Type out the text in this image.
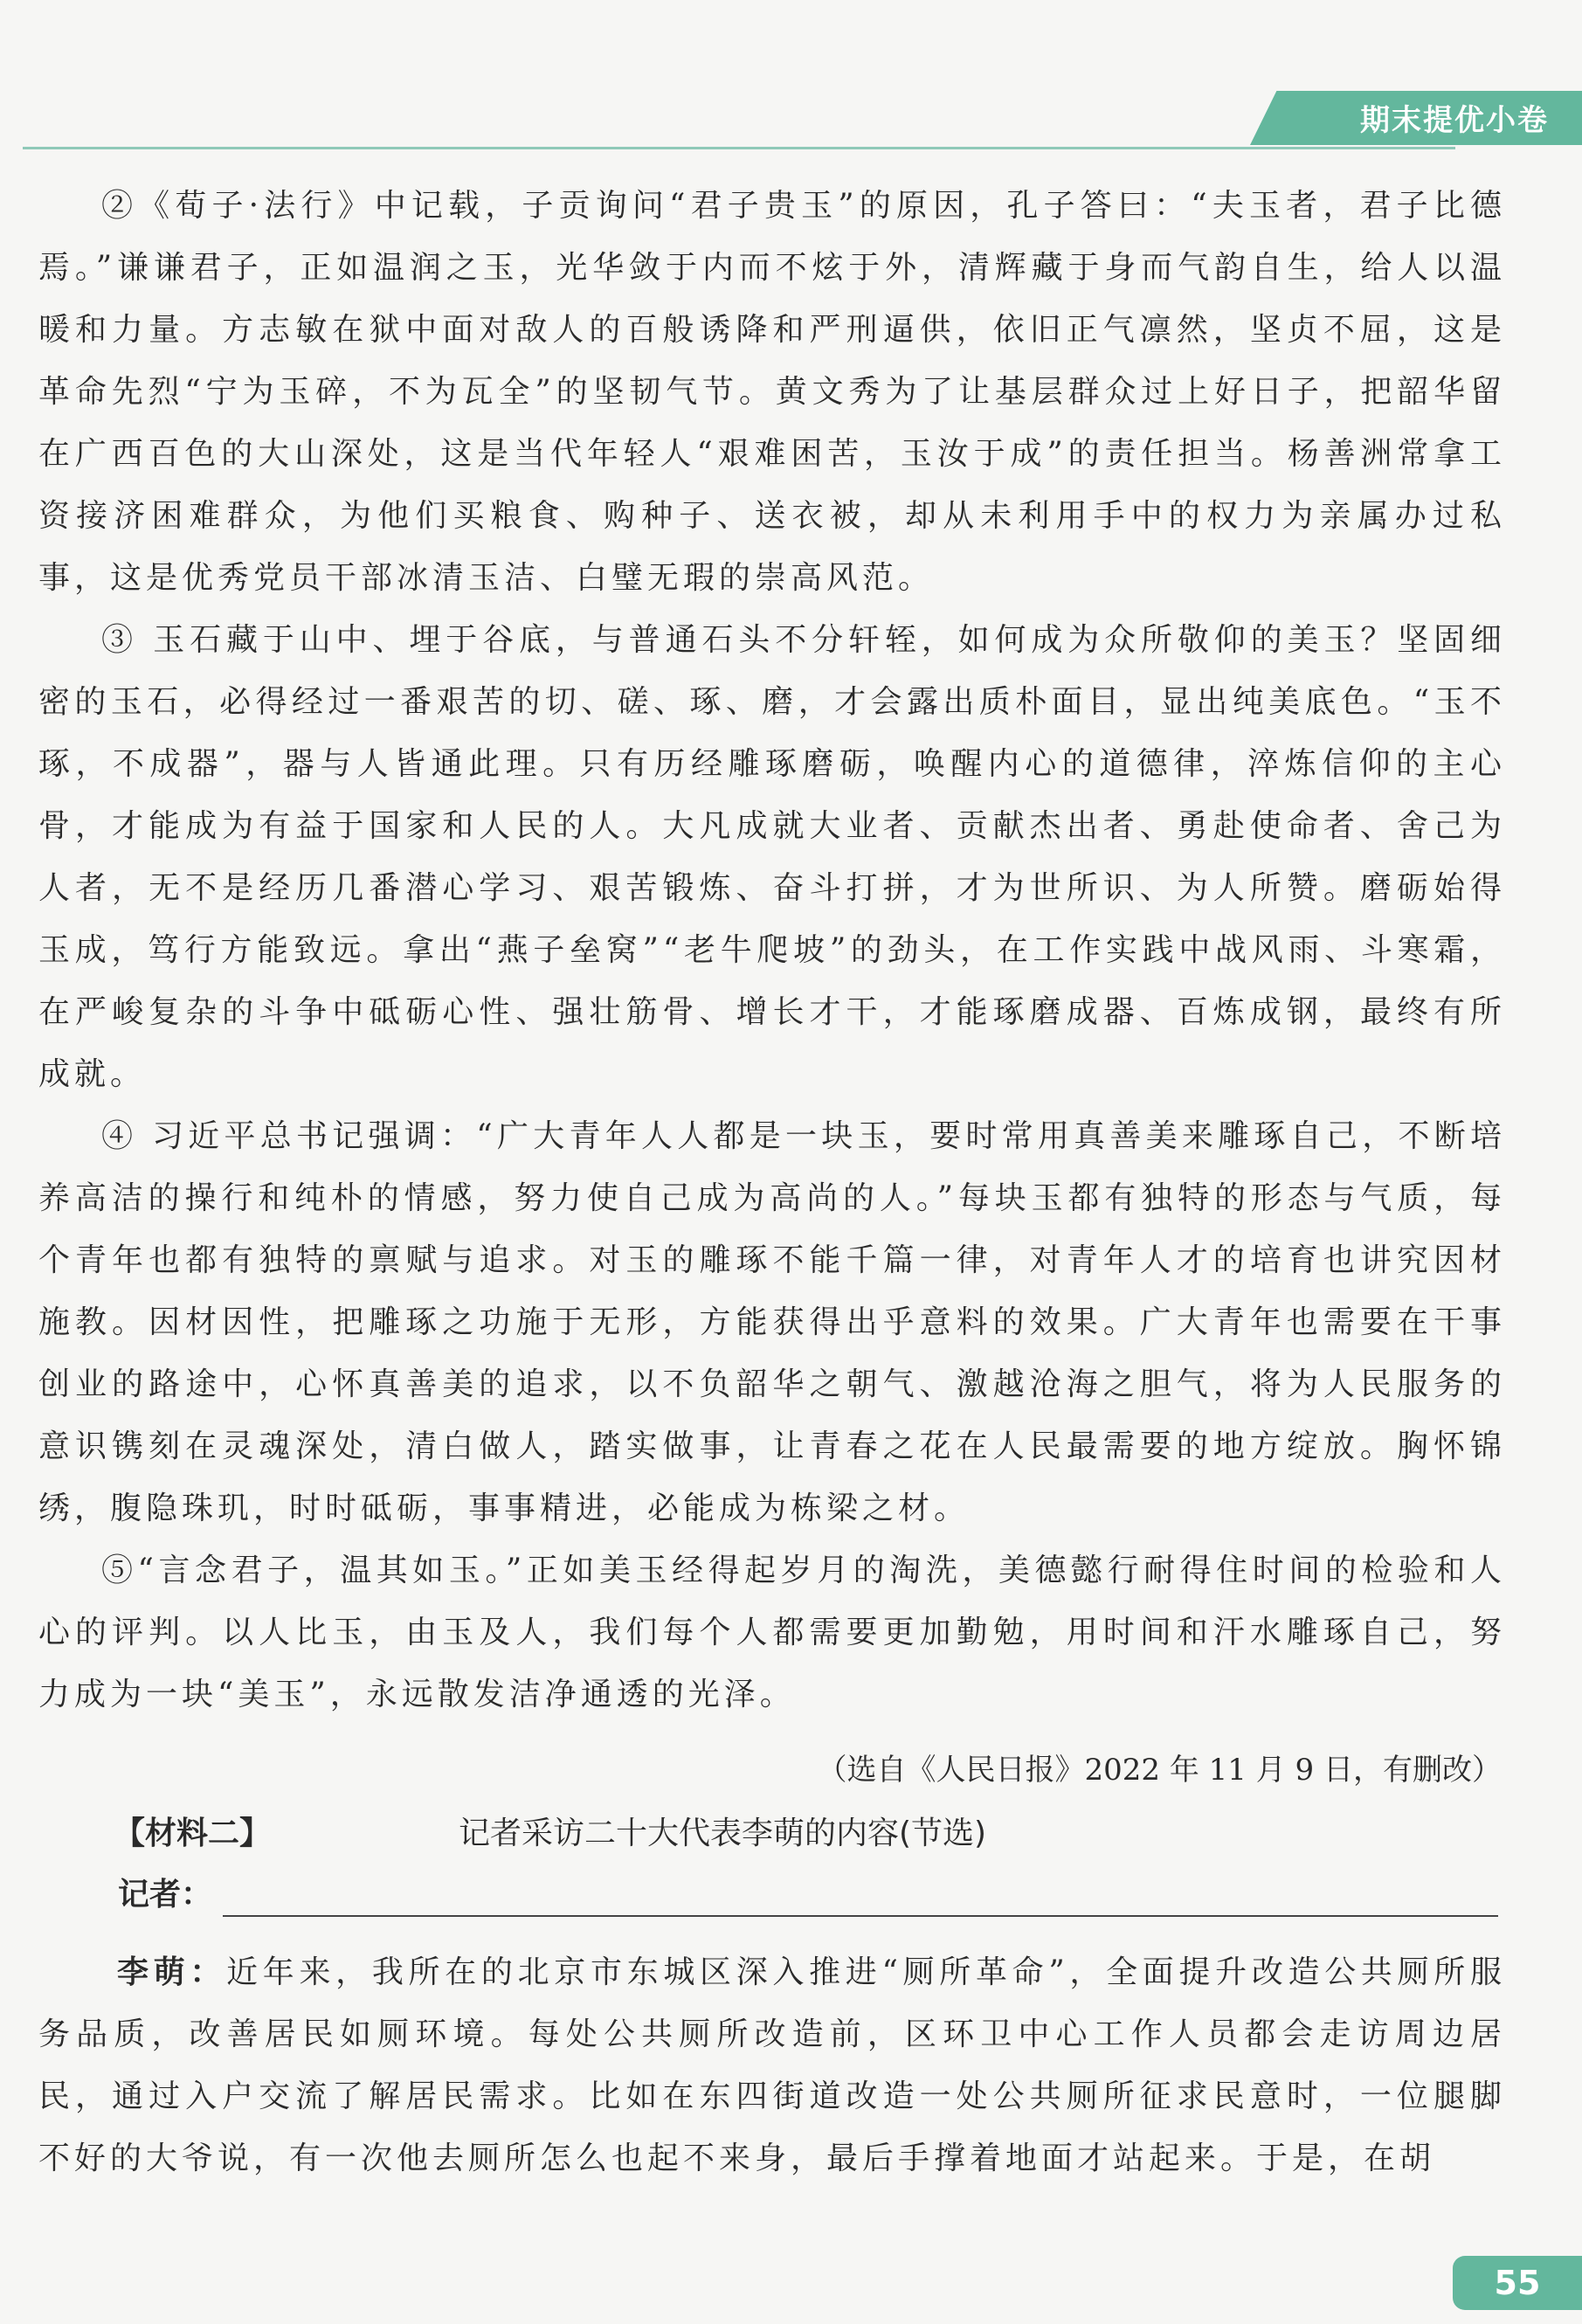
期末提优小卷

②《荀子·法行》中记载，子贡询问“君子贵玉”的原因，孔子答曰：“夫玉者，君子比德焉。”谦谦君子，正如温润之玉，光华敛于内而不炫于外，清辉藏于身而气韵自生，给人以温暖和力量。方志敏在狱中面对敌人的百般诱降和严刑逼供，依旧正气凛然，坚贞不屈，这是革命先烈“宁为玉碎，不为瓦全”的坚韧气节。黄文秀为了让基层群众过上好日子，把韶华留在广西百色的大山深处，这是当代年轻人“艰难困苦，玉汝于成”的责任担当。杨善洲常拿工资接济困难群众，为他们买粮食、购种子、送衣被，却从未利用手中的权力为亲属办过私事，这是优秀党员干部冰清玉洁、白璧无瑕的崇高风范。

③ 玉石藏于山中、埋于谷底，与普通石头不分轩轾，如何成为众所敬仰的美玉？坚固细密的玉石，必得经过一番艰苦的切、磋、琢、磨，才会露出质朴面目，显出纯美底色。“玉不琢，不成器”，器与人皆通此理。只有历经雕琢磨砺，唤醒内心的道德律，淬炼信仰的主心骨，才能成为有益于国家和人民的人。大凡成就大业者、贡献杰出者、勇赴使命者、舍己为人者，无不是经历几番潜心学习、艰苦锻炼、奋斗打拼，才为世所识、为人所赞。磨砺始得玉成，笃行方能致远。拿出“燕子垒窝”“老牛爬坡”的劲头，在工作实践中战风雨、斗寒霜，在严峻复杂的斗争中砥砺心性、强壮筋骨、增长才干，才能琢磨成器、百炼成钢，最终有所成就。

④ 习近平总书记强调：“广大青年人人都是一块玉，要时常用真善美来雕琢自己，不断培养高洁的操行和纯朴的情感，努力使自己成为高尚的人。”每块玉都有独特的形态与气质，每个青年也都有独特的禀赋与追求。对玉的雕琢不能千篇一律，对青年人才的培育也讲究因材施教。因材因性，把雕琢之功施于无形，方能获得出乎意料的效果。广大青年也需要在干事创业的路途中，心怀真善美的追求，以不负韶华之朝气、激越沧海之胆气，将为人民服务的意识镌刻在灵魂深处，清白做人，踏实做事，让青春之花在人民最需要的地方绽放。胸怀锦绣，腹隐珠玑，时时砥砺，事事精进，必能成为栋梁之材。

⑤“言念君子，温其如玉。”正如美玉经得起岁月的淘洗，美德懿行耐得住时间的检验和人心的评判。以人比玉，由玉及人，我们每个人都需要更加勤勉，用时间和汗水雕琢自己，努力成为一块“美玉”，永远散发洁净通透的光泽。

（选自《人民日报》2022 年 11 月 9 日，有删改）
【材料二】	记者采访二十大代表李萌的内容(节选)
记者：

李萌：近年来，我所在的北京市东城区深入推进“厕所革命”，全面提升改造公共厕所服务品质，改善居民如厕环境。每处公共厕所改造前，区环卫中心工作人员都会走访周边居民，通过入户交流了解居民需求。比如在东四街道改造一处公共厕所征求民意时，一位腿脚不好的大爷说，有一次他去厕所怎么也起不来身，最后手撑着地面才站起来。于是，在胡

55
